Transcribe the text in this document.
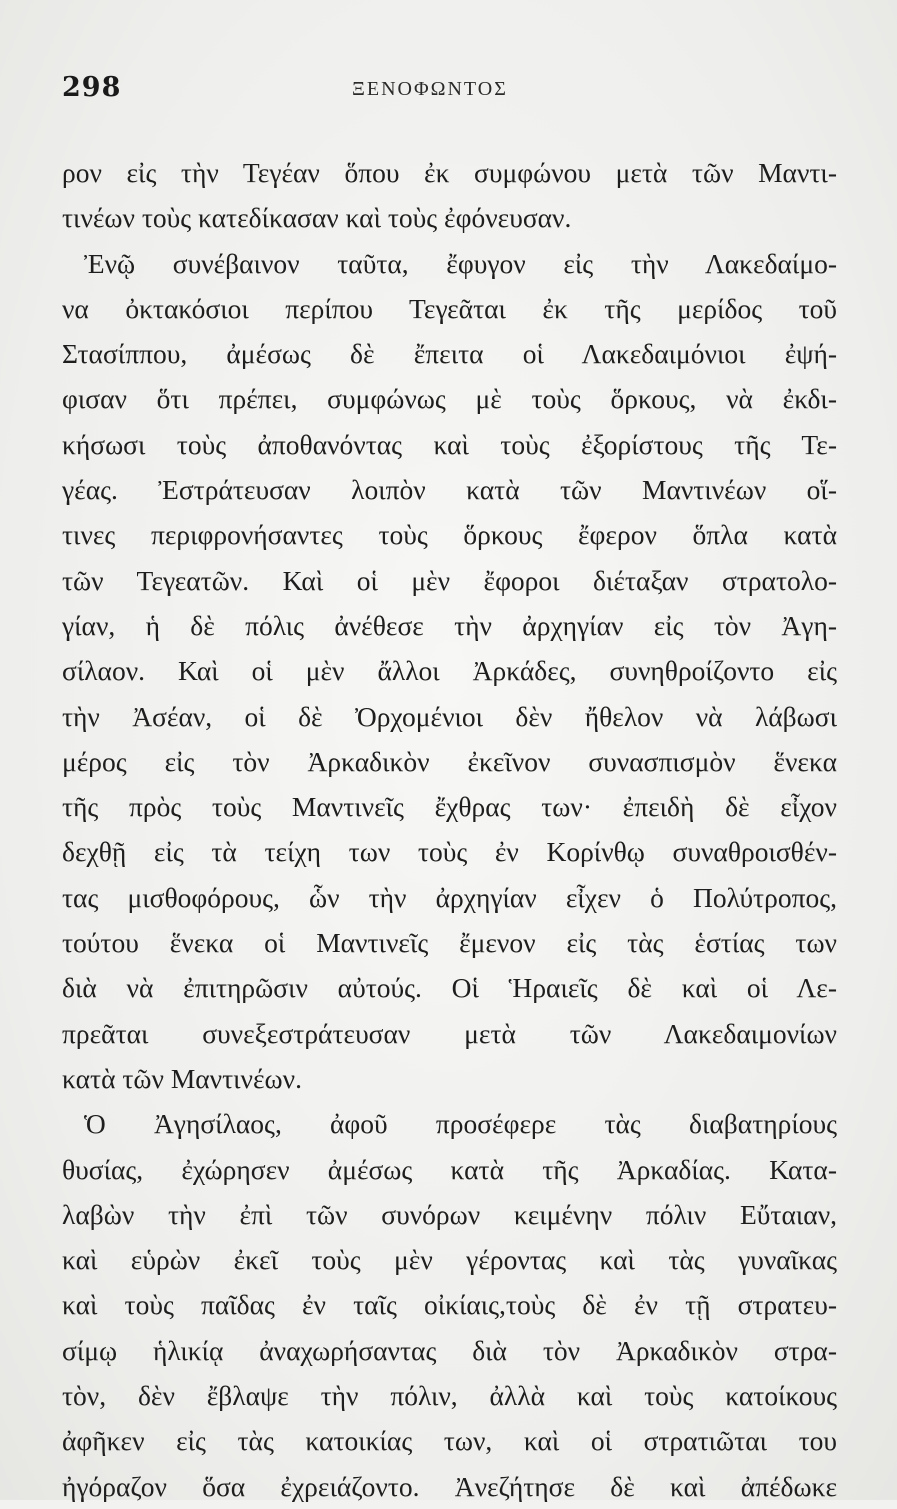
298	ΞΕΝΟΦΩΝΤΟΣ
ρον εἰς τὴν Τεγέαν ὅπου ἐκ συμφώνου μετὰ τῶν Μαντι-
τινέων τοὺς κατεδίκασαν καὶ τοὺς ἐφόνευσαν.
Ἐνῷ συνέβαινον ταῦτα, ἔφυγον εἰς τὴν Λακεδαίμο-
να ὀκτακόσιοι περίπου Τεγεᾶται ἐκ τῆς μερίδος τοῦ
Στασίππου, ἀμέσως δὲ ἔπειτα οἱ Λακεδαιμόνιοι ἐψή-
φισαν ὅτι πρέπει, συμφώνως μὲ τοὺς ὅρκους, νὰ ἐκδι-
κήσωσι τοὺς ἀποθανόντας καὶ τοὺς ἐξορίστους τῆς Τε-
γέας. Ἐστράτευσαν λοιπὸν κατὰ τῶν Μαντινέων οἵ-
τινες περιφρονήσαντες τοὺς ὅρκους ἔφερον ὅπλα κατὰ
τῶν Τεγεατῶν. Καὶ οἱ μὲν ἔφοροι διέταξαν στρατολο-
γίαν, ἡ δὲ πόλις ἀνέθεσε τὴν ἀρχηγίαν εἰς τὸν Ἀγη-
σίλαον. Καὶ οἱ μὲν ἄλλοι Ἀρκάδες, συνηθροίζοντο εἰς
τὴν Ἀσέαν, οἱ δὲ Ὀρχομένιοι δὲν ἤθελον νὰ λάβωσι
μέρος εἰς τὸν Ἀρκαδικὸν ἐκεῖνον συνασπισμὸν ἕνεκα
τῆς πρὸς τοὺς Μαντινεῖς ἔχθρας των· ἐπειδὴ δὲ εἶχον
δεχθῇ εἰς τὰ τείχη των τοὺς ἐν Κορίνθῳ συναθροισθέν-
τας μισθοφόρους, ὧν τὴν ἀρχηγίαν εἶχεν ὁ Πολύτροπος,
τούτου ἕνεκα οἱ Μαντινεῖς ἔμενον εἰς τὰς ἑστίας των
διὰ νὰ ἐπιτηρῶσιν αὐτούς. Οἱ Ἡραιεῖς δὲ καὶ οἱ Λε-
πρεᾶται συνεξεστράτευσαν μετὰ τῶν Λακεδαιμονίων
κατὰ τῶν Μαντινέων.
Ὁ Ἀγησίλαος, ἀφοῦ προσέφερε τὰς διαβατηρίους
θυσίας, ἐχώρησεν ἀμέσως κατὰ τῆς Ἀρκαδίας. Κατα-
λαβὼν τὴν ἐπὶ τῶν συνόρων κειμένην πόλιν Εὔταιαν,
καὶ εὑρὼν ἐκεῖ τοὺς μὲν γέροντας καὶ τὰς γυναῖκας
καὶ τοὺς παῖδας ἐν ταῖς οἰκίαις,τοὺς δὲ ἐν τῇ στρατευ-
σίμῳ ἡλικίᾳ ἀναχωρήσαντας διὰ τὸν Ἀρκαδικὸν στρα-
τὸν, δὲν ἔβλαψε τὴν πόλιν, ἀλλὰ καὶ τοὺς κατοίκους
ἀφῆκεν εἰς τὰς κατοικίας των, καὶ οἱ στρατιῶται του
ἠγόραζον ὅσα ἐχρειάζοντο. Ἀνεζήτησε δὲ καὶ ἀπέδωκε
